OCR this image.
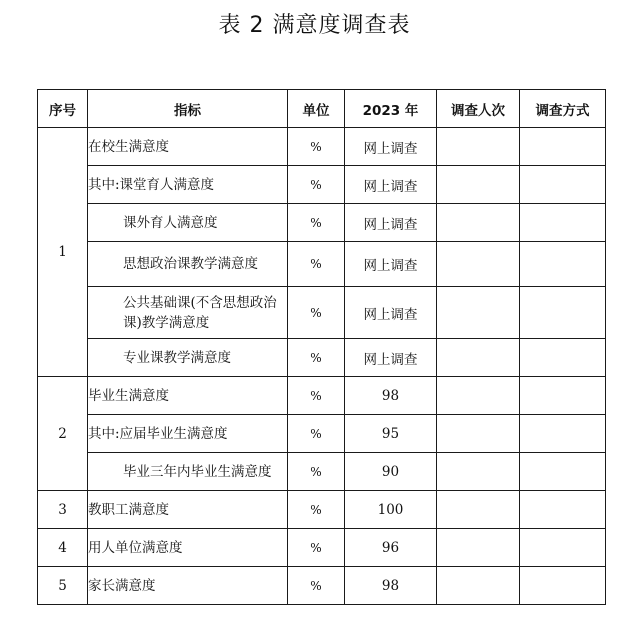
表 2 满意度调查表
序号	指标	单位	2023 年	调查人次	调查方式
1	在校生满意度	%	网上调查		
	其中:课堂育人满意度	%	网上调查		
	课外育人满意度	%	网上调查		
	思想政治课教学满意度	%	网上调查		
	公共基础课(不含思想政治课)教学满意度	%	网上调查		
	专业课教学满意度	%	网上调查		
2	毕业生满意度	%	98		
	其中:应届毕业生满意度	%	95		
	毕业三年内毕业生满意度	%	90		
3	教职工满意度	%	100		
4	用人单位满意度	%	96		
5	家长满意度	%	98		
